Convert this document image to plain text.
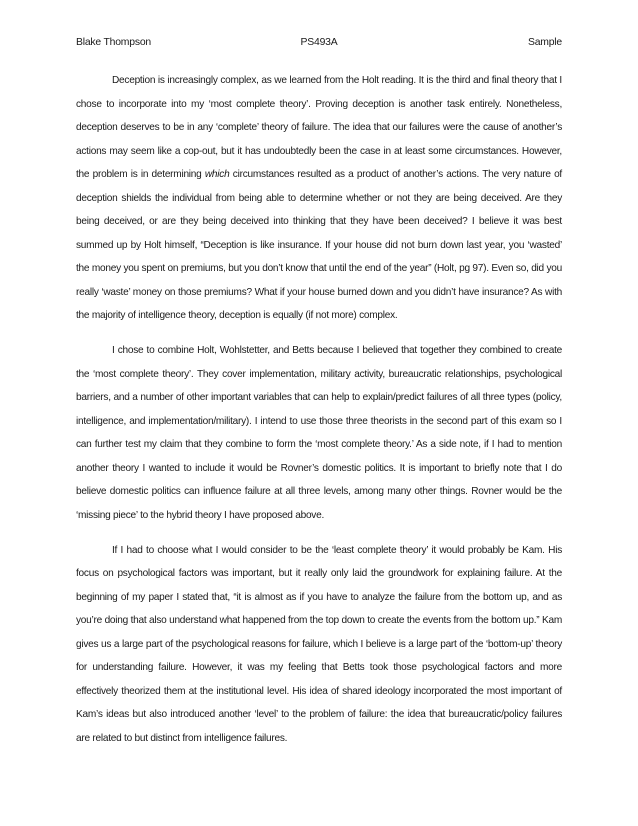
Blake Thompson	PS493A	Sample

Deception is increasingly complex, as we learned from the Holt reading. It is the third and final theory that I chose to incorporate into my ‘most complete theory’. Proving deception is another task entirely. Nonetheless, deception deserves to be in any ‘complete’ theory of failure. The idea that our failures were the cause of another’s actions may seem like a cop-out, but it has undoubtedly been the case in at least some circumstances. However, the problem is in determining which circumstances resulted as a product of another’s actions. The very nature of deception shields the individual from being able to determine whether or not they are being deceived. Are they being deceived, or are they being deceived into thinking that they have been deceived? I believe it was best summed up by Holt himself, “Deception is like insurance. If your house did not burn down last year, you ‘wasted’ the money you spent on premiums, but you don’t know that until the end of the year” (Holt, pg 97). Even so, did you really ‘waste’ money on those premiums? What if your house burned down and you didn’t have insurance? As with the majority of intelligence theory, deception is equally (if not more) complex.

I chose to combine Holt, Wohlstetter, and Betts because I believed that together they combined to create the ‘most complete theory’. They cover implementation, military activity, bureaucratic relationships, psychological barriers, and a number of other important variables that can help to explain/predict failures of all three types (policy, intelligence, and implementation/military). I intend to use those three theorists in the second part of this exam so I can further test my claim that they combine to form the ‘most complete theory.’ As a side note, if I had to mention another theory I wanted to include it would be Rovner’s domestic politics. It is important to briefly note that I do believe domestic politics can influence failure at all three levels, among many other things. Rovner would be the ‘missing piece’ to the hybrid theory I have proposed above.

If I had to choose what I would consider to be the ‘least complete theory’ it would probably be Kam. His focus on psychological factors was important, but it really only laid the groundwork for explaining failure. At the beginning of my paper I stated that, “it is almost as if you have to analyze the failure from the bottom up, and as you’re doing that also understand what happened from the top down to create the events from the bottom up.” Kam gives us a large part of the psychological reasons for failure, which I believe is a large part of the ‘bottom-up’ theory for understanding failure. However, it was my feeling that Betts took those psychological factors and more effectively theorized them at the institutional level. His idea of shared ideology incorporated the most important of Kam’s ideas but also introduced another ‘level’ to the problem of failure: the idea that bureaucratic/policy failures are related to but distinct from intelligence failures.
